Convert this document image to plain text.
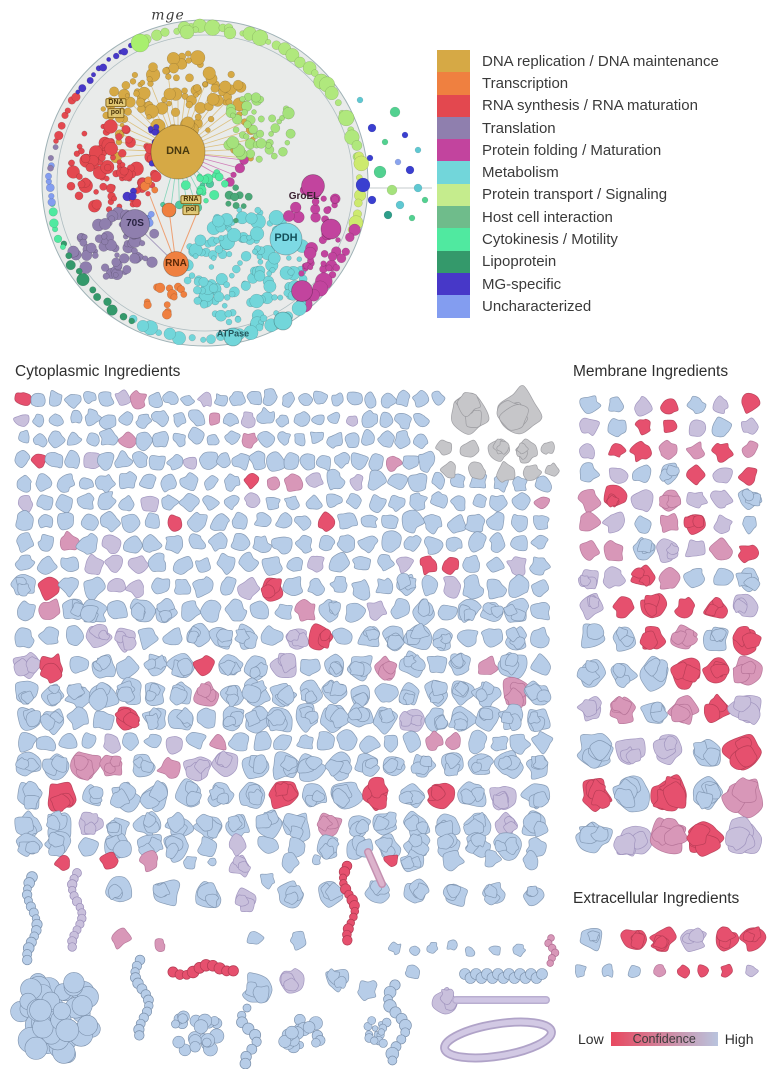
mge
DNA
pol
DNA
RNA
pol
70S
RNA
PDH
GroEL
ATPase
DNA replication / DNA maintenance
Transcription
RNA synthesis / RNA maturation
Translation
Protein folding / Maturation
Metabolism
Protein transport / Signaling
Host cell interaction
Cytokinesis / Motility
Lipoprotein
MG-specific
Uncharacterized
Cytoplasmic Ingredients	Membrane Ingredients
Extracellular Ingredients
Low Confidence High
